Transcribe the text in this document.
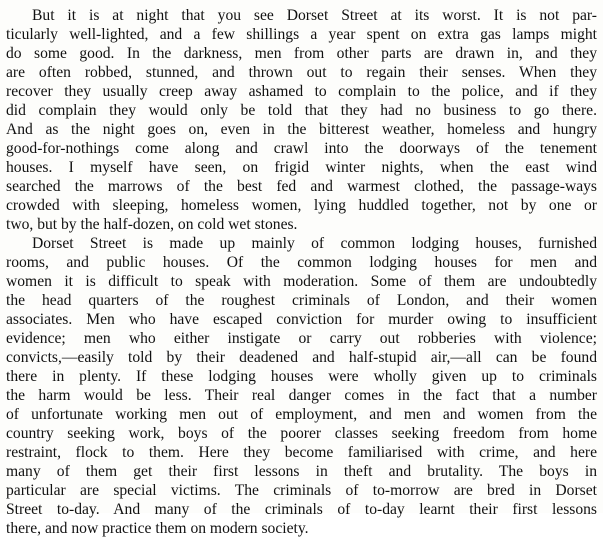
But it is at night that you see Dorset Street at its worst. It is not par-
ticularly well-lighted, and a few shillings a year spent on extra gas lamps might
do some good. In the darkness, men from other parts are drawn in, and they
are often robbed, stunned, and thrown out to regain their senses. When they
recover they usually creep away ashamed to complain to the police, and if they
did complain they would only be told that they had no business to go there.
And as the night goes on, even in the bitterest weather, homeless and hungry
good-for-nothings come along and crawl into the doorways of the tenement
houses. I myself have seen, on frigid winter nights, when the east wind
searched the marrows of the best fed and warmest clothed, the passage-ways
crowded with sleeping, homeless women, lying huddled together, not by one or
two, but by the half-dozen, on cold wet stones.
Dorset Street is made up mainly of common lodging houses, furnished
rooms, and public houses. Of the common lodging houses for men and
women it is difficult to speak with moderation. Some of them are undoubtedly
the head quarters of the roughest criminals of London, and their women
associates. Men who have escaped conviction for murder owing to insufficient
evidence; men who either instigate or carry out robberies with violence;
convicts,—easily told by their deadened and half-stupid air,—all can be found
there in plenty. If these lodging houses were wholly given up to criminals
the harm would be less. Their real danger comes in the fact that a number
of unfortunate working men out of employment, and men and women from the
country seeking work, boys of the poorer classes seeking freedom from home
restraint, flock to them. Here they become familiarised with crime, and here
many of them get their first lessons in theft and brutality. The boys in
particular are special victims. The criminals of to-morrow are bred in Dorset
Street to-day. And many of the criminals of to-day learnt their first lessons
there, and now practice them on modern society.
